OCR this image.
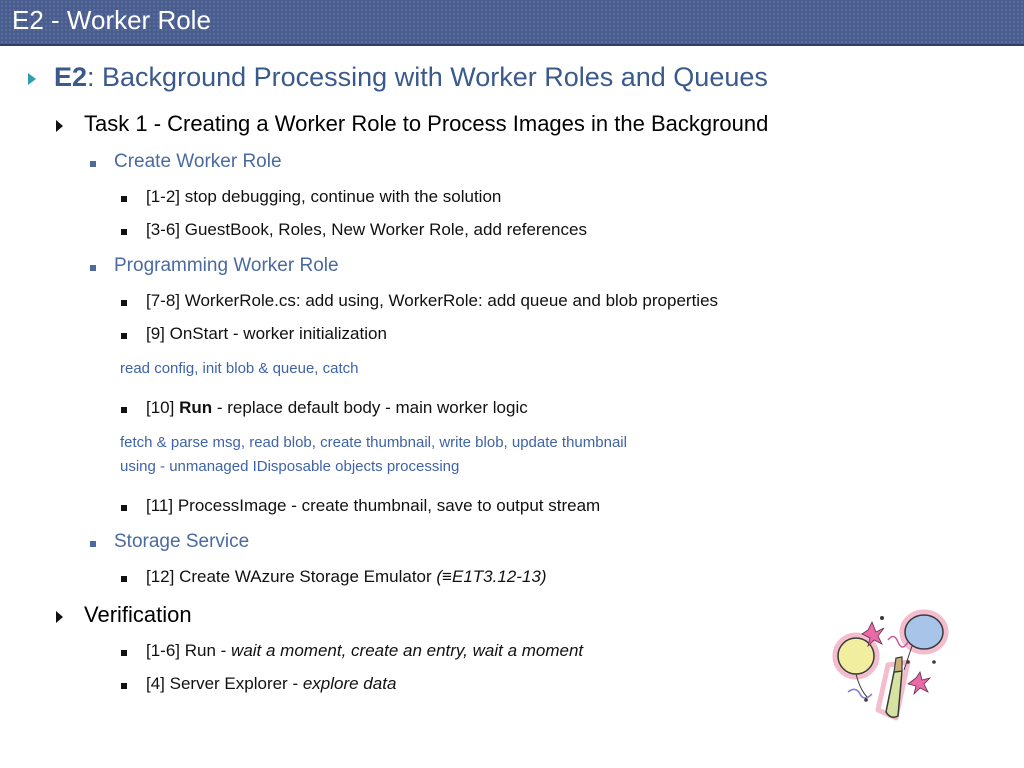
E2 - Worker Role
E2: Background Processing with Worker Roles and Queues
Task 1 - Creating a Worker Role to Process Images in the Background
Create Worker Role
[1-2] stop debugging, continue with the solution
[3-6] GuestBook, Roles, New Worker Role, add references
Programming Worker Role
[7-8] WorkerRole.cs: add using, WorkerRole: add queue and blob properties
[9] OnStart - worker initialization
read config, init blob & queue, catch
[10] Run - replace default body - main worker logic
fetch & parse msg, read blob, create thumbnail, write blob, update thumbnail
using - unmanaged IDisposable objects processing
[11] ProcessImage - create thumbnail, save to output stream
Storage Service
[12] Create WAzure Storage Emulator (≡E1T3.12-13)
Verification
[1-6] Run - wait a moment, create an entry, wait a moment
[4] Server Explorer - explore data
